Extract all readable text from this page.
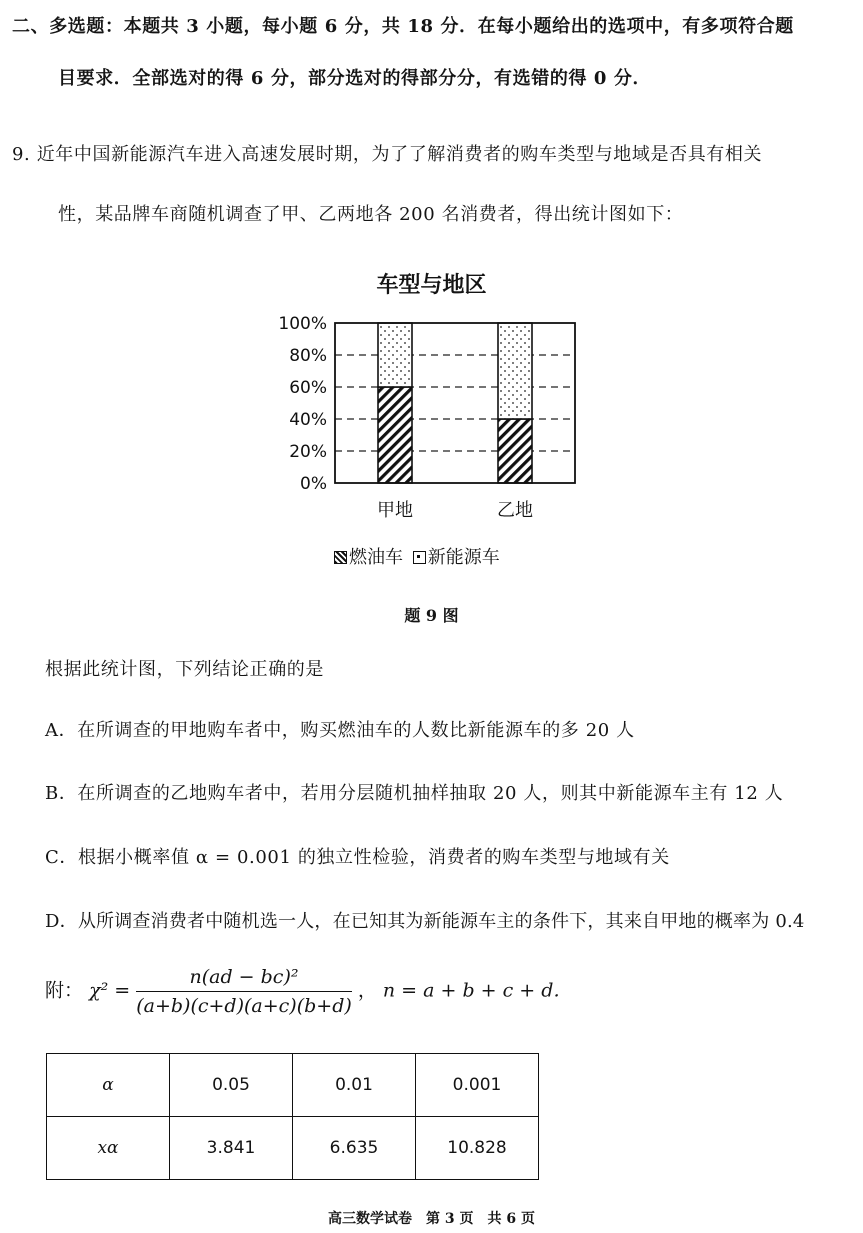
二、多选题：本题共 3 小题，每小题 6 分，共 18 分．在每小题给出的选项中，有多项符合题
目要求．全部选对的得 6 分，部分选对的得部分分，有选错的得 0 分．
9. 近年中国新能源汽车进入高速发展时期，为了了解消费者的购车类型与地域是否具有相关
性，某品牌车商随机调查了甲、乙两地各 200 名消费者，得出统计图如下：
车型与地区
0%
20%
40%
60%
80%
100%
甲地	乙地
燃油车 新能源车
题 9 图
根据此统计图，下列结论正确的是
A．在所调查的甲地购车者中，购买燃油车的人数比新能源车的多 20 人
B．在所调查的乙地购车者中，若用分层随机抽样抽取 20 人，则其中新能源车主有 12 人
C．根据小概率值 α = 0.001 的独立性检验，消费者的购车类型与地域有关
D．从所调查消费者中随机选一人，在已知其为新能源车主的条件下，其来自甲地的概率为 0.4
附： $\chi^2 = \frac{\text{n(ad − bc)²}}{(a+b)(c+d)(a+c)(b+d)}$ ， n = a + b + c + d．
α	0.05	0.01	0.001
xα	3.841	6.635	10.828
高三数学试卷　第 3 页　共 6 页
